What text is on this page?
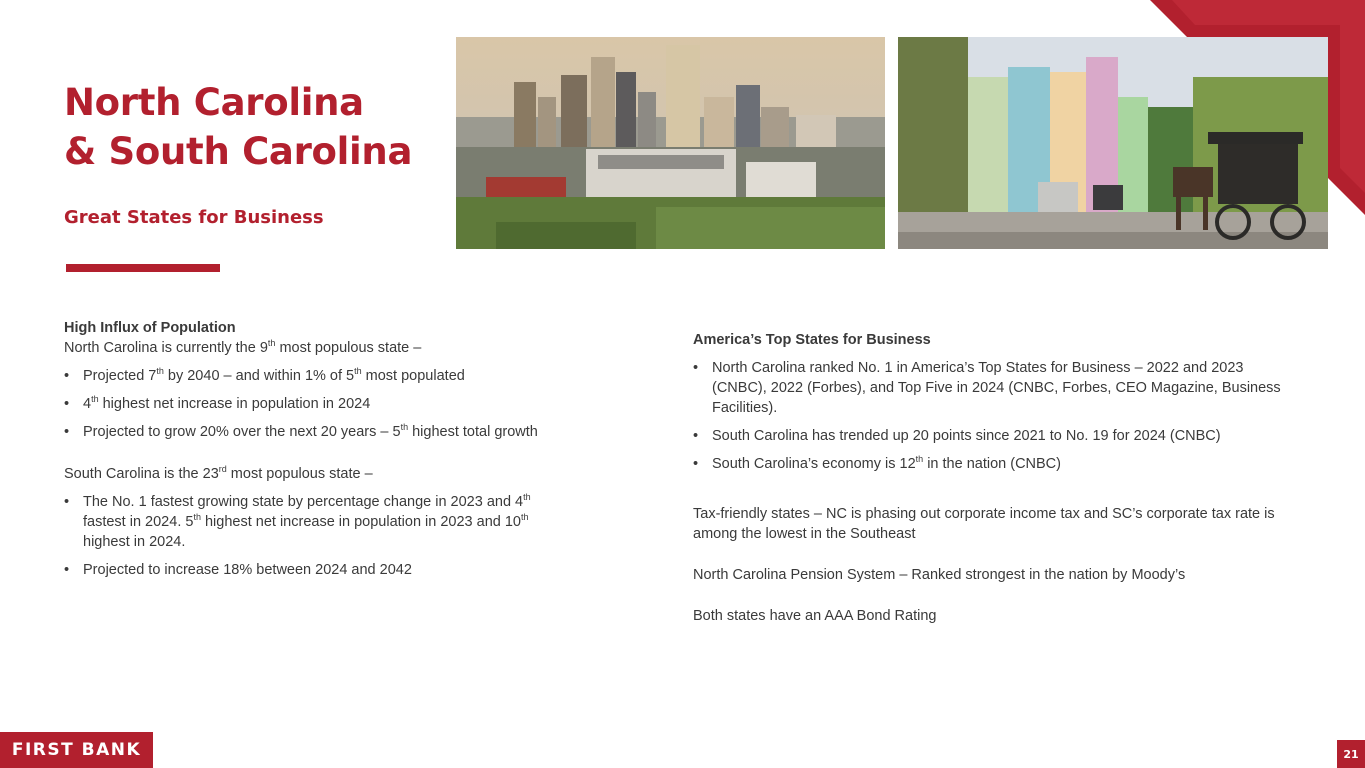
North Carolina
& South Carolina
Great States for Business
High Influx of Population

North Carolina is currently the 9th most populous state –

• Projected 7th by 2040 – and within 1% of 5th most populated
• 4th highest net increase in population in 2024
• Projected to grow 20% over the next 20 years – 5th highest total growth

South Carolina is the 23rd most populous state –

• The No. 1 fastest growing state by percentage change in 2023 and 4th fastest in 2024. 5th highest net increase in population in 2023 and 10th highest in 2024.
• Projected to increase 18% between 2024 and 2042
America’s Top States for Business
• North Carolina ranked No. 1 in America’s Top States for Business – 2022 and 2023 (CNBC), 2022 (Forbes), and Top Five in 2024 (CNBC, Forbes, CEO Magazine, Business Facilities).
• South Carolina has trended up 20 points since 2021 to No. 19 for 2024 (CNBC)
• South Carolina’s economy is 12th in the nation (CNBC)

Tax-friendly states – NC is phasing out corporate income tax and SC’s corporate tax rate is among the lowest in the Southeast

North Carolina Pension System – Ranked strongest in the nation by Moody’s

Both states have an AAA Bond Rating

FIRST BANK	21
